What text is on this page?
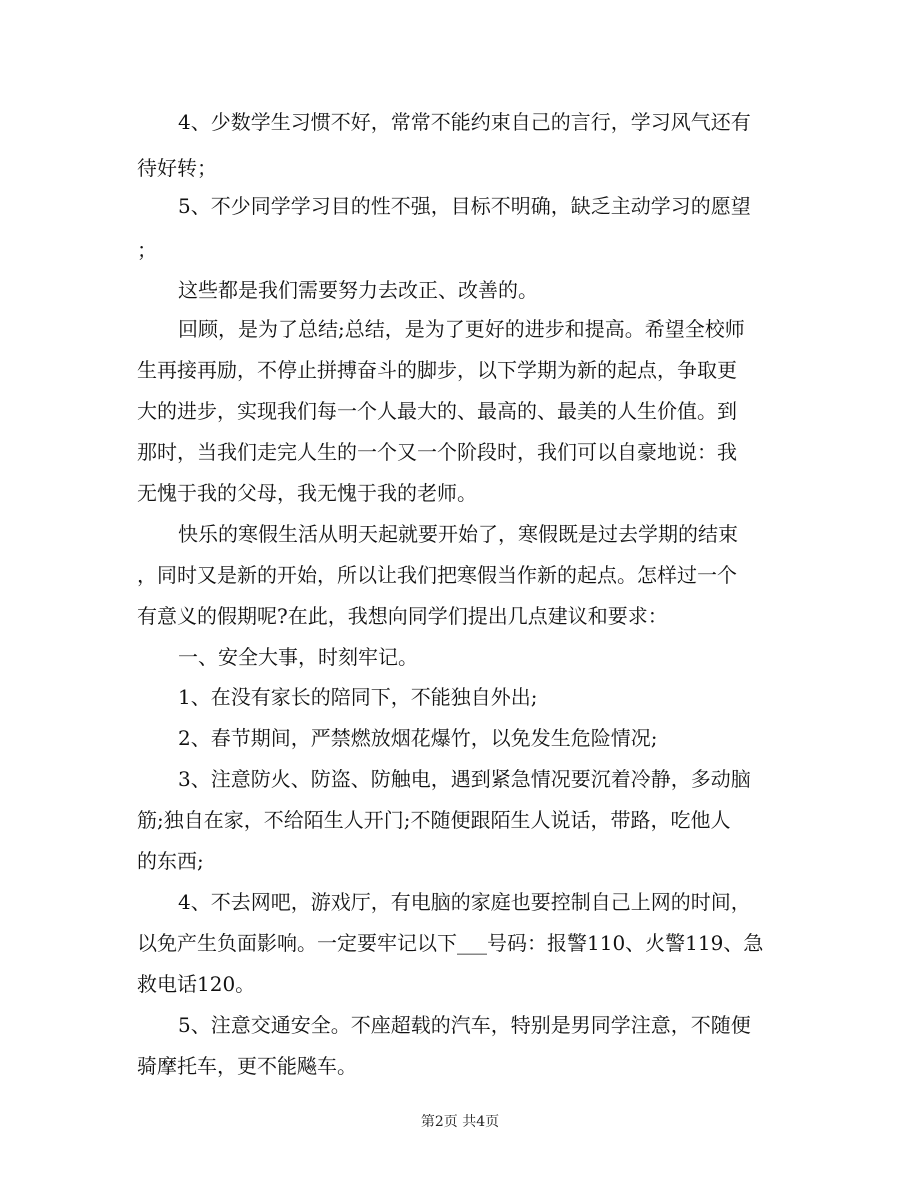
4、少数学生习惯不好，常常不能约束自己的言行，学习风气还有
待好转；
5、不少同学学习目的性不强，目标不明确，缺乏主动学习的愿望
；
这些都是我们需要努力去改正、改善的。
回顾，是为了总结;总结，是为了更好的进步和提高。希望全校师
生再接再励，不停止拼搏奋斗的脚步，以下学期为新的起点，争取更
大的进步，实现我们每一个人最大的、最高的、最美的人生价值。到
那时，当我们走完人生的一个又一个阶段时，我们可以自豪地说：我
无愧于我的父母，我无愧于我的老师。
快乐的寒假生活从明天起就要开始了，寒假既是过去学期的结束
，同时又是新的开始，所以让我们把寒假当作新的起点。怎样过一个
有意义的假期呢?在此，我想向同学们提出几点建议和要求：
一、安全大事，时刻牢记。
1、在没有家长的陪同下，不能独自外出;
2、春节期间，严禁燃放烟花爆竹，以免发生危险情况;
3、注意防火、防盗、防触电，遇到紧急情况要沉着冷静，多动脑
筋;独自在家，不给陌生人开门;不随便跟陌生人说话，带路，吃他人
的东西;
4、不去网吧，游戏厅，有电脑的家庭也要控制自己上网的时间，
以免产生负面影响。一定要牢记以下___号码：报警110、火警119、急
救电话120。
5、注意交通安全。不座超载的汽车，特别是男同学注意，不随便
骑摩托车，更不能飚车。
第2页 共4页
